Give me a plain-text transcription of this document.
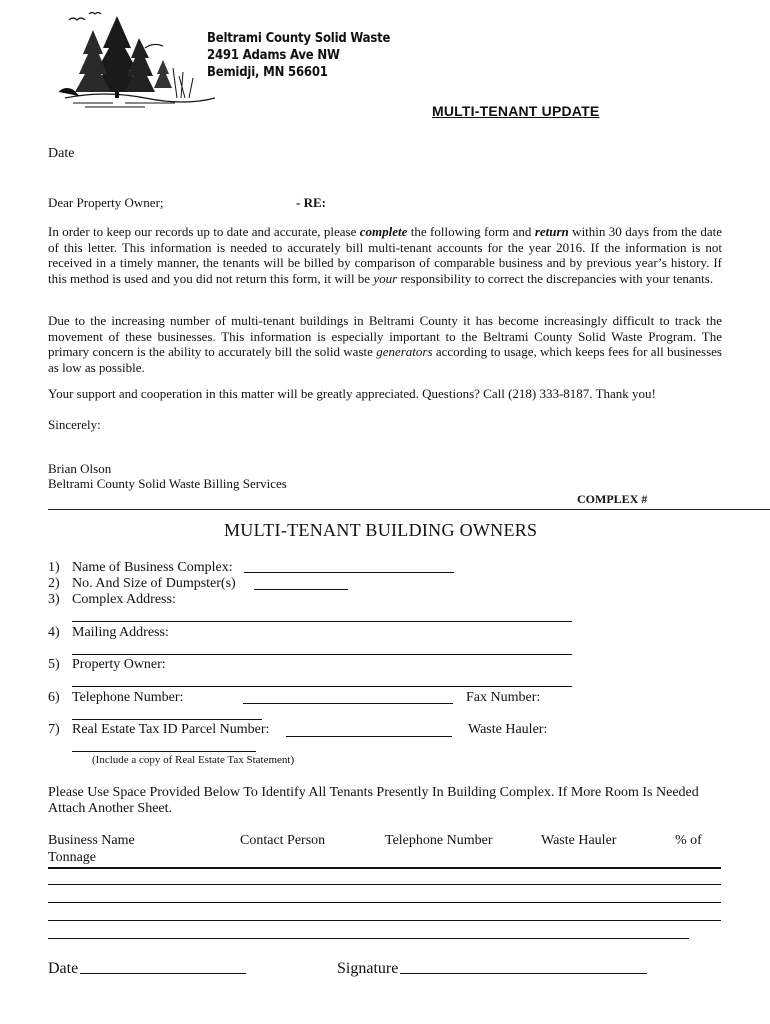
Beltrami County Solid Waste
2491 Adams Ave NW
Bemidji, MN 56601
MULTI-TENANT UPDATE
Date
Dear Property Owner;	- RE:
In order to keep our records up to date and accurate, please complete the following form and return within 30 days from the date of this letter. This information is needed to accurately bill multi-tenant accounts for the year 2016. If the information is not received in a timely manner, the tenants will be billed by comparison of comparable business and by previous year’s history. If this method is used and you did not return this form, it will be your responsibility to correct the discrepancies with your tenants.
Due to the increasing number of multi-tenant buildings in Beltrami County it has become increasingly difficult to track the movement of these businesses. This information is especially important to the Beltrami County Solid Waste Program. The primary concern is the ability to accurately bill the solid waste generators according to usage, which keeps fees for all businesses as low as possible.
Your support and cooperation in this matter will be greatly appreciated. Questions? Call (218) 333-8187. Thank you!
Sincerely:
Brian Olson
Beltrami County Solid Waste Billing Services
COMPLEX #
MULTI-TENANT BUILDING OWNERS
1) Name of Business Complex:
2) No. And Size of Dumpster(s)
3) Complex Address:
4) Mailing Address:
5) Property Owner:
6) Telephone Number:	Fax Number:
7) Real Estate Tax ID Parcel Number:	Waste Hauler:
(Include a copy of Real Estate Tax Statement)
Please Use Space Provided Below To Identify All Tenants Presently In Building Complex. If More Room Is Needed Attach Another Sheet.
Business Name	Contact Person	Telephone Number	Waste Hauler	% of
Tonnage
Date	Signature
